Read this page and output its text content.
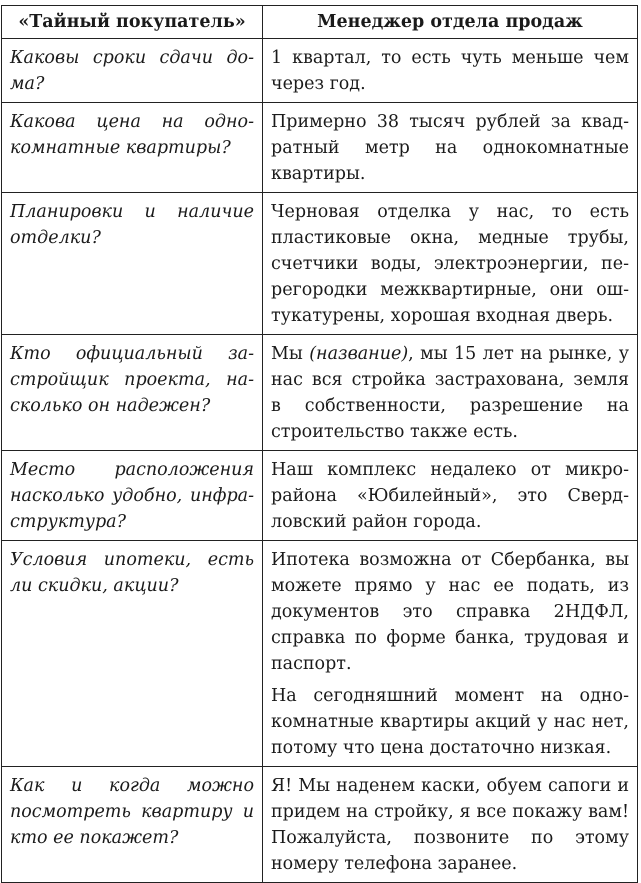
«Тайный покупатель»	Менеджер отдела продаж
Каковы сроки сдачи дома?	1 квартал, то есть чуть меньше чем через год.

Какова цена на однокомнатные квартиры?	Примерно 38 тысяч рублей за квадратный метр на однокомнатные квартиры.

Планировки и наличие отделки?	Черновая отделка у нас, то есть пластиковые окна, медные трубы, счетчики воды, электроэнергии, перегородки межквартирные, они оштукатурены, хорошая входная дверь.

Кто официальный застройщик проекта, насколько он надежен?	Мы (название), мы 15 лет на рынке, у нас вся стройка застрахована, земля в собственности, разрешение на строительство также есть.

Место расположения насколько удобно, инфраструктура?	Наш комплекс недалеко от микрорайона «Юбилейный», это Свердловский район города.

Условия ипотеки, есть ли скидки, акции?	Ипотека возможна от Сбербанка, вы можете прямо у нас ее подать, из документов это справка 2НДФЛ, справка по форме банка, трудовая и паспорт.

На сегодняшний момент на однокомнатные квартиры акций у нас нет, потому что цена достаточно низкая.

Как и когда можно посмотреть квартиру и кто ее покажет?	Я! Мы наденем каски, обуем сапоги и придем на стройку, я все покажу вам! Пожалуйста, позвоните по этому номеру телефона заранее.
